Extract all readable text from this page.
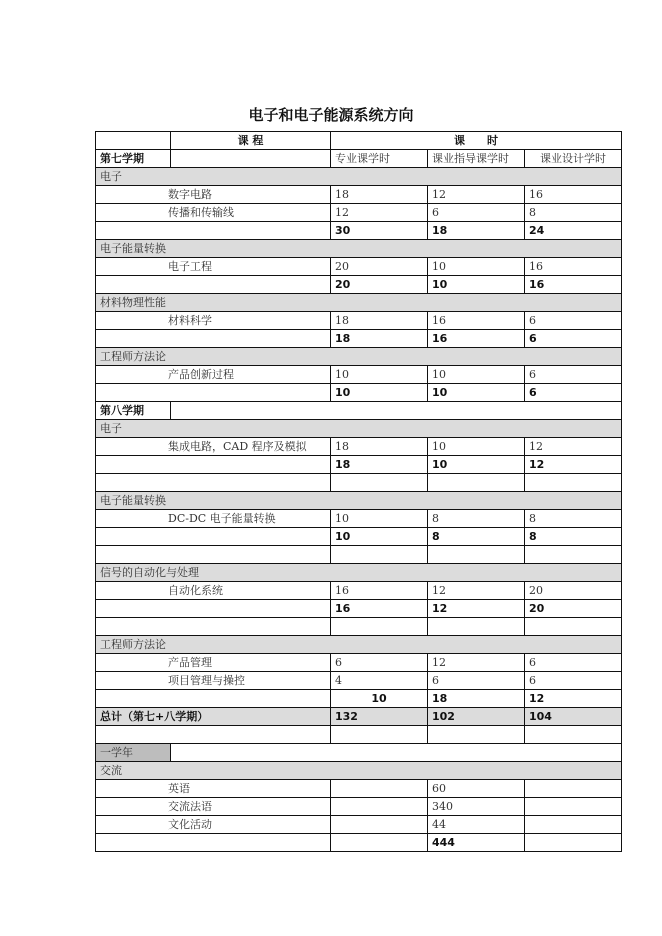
电子和电子能源系统方向
	课 程	课　　时		
第七学期		专业课学时	课业指导课学时	课业设计学时
电子				
数字电路		18	12	16
传播和传输线		12	6	8
		30	18	24
电子能量转换				
电子工程		20	10	16
		20	10	16
材料物理性能				
材料科学		18	16	6
		18	16	6
工程师方法论				
产品创新过程		10	10	6
		10	10	6
第八学期				
电子				
集成电路，CAD 程序及模拟		18	10	12
		18	10	12

电子能量转换				
DC-DC 电子能量转换		10	8	8
		10	8	8

信号的自动化与处理				
自动化系统		16	12	20
		16	12	20

工程师方法论				
产品管理		6	12	6
项目管理与操控		4	6	6
		10	18	12
总计（第七+八学期）		132	102	104

一学年				
交流				
英语			60	
交流法语			340	
文化活动			44	
			444	
